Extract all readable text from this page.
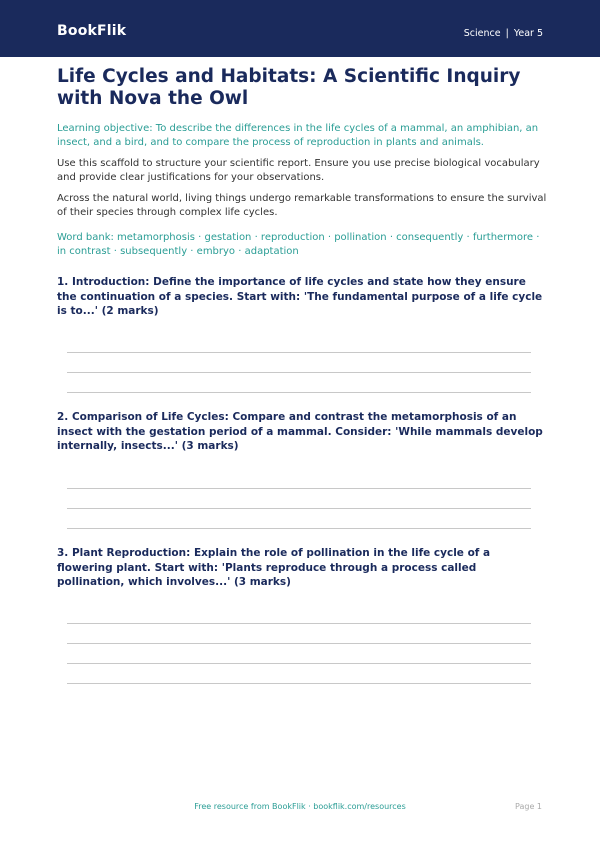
BookFlik	Science | Year 5
Life Cycles and Habitats: A Scientific Inquiry with Nova the Owl

Learning objective: To describe the differences in the life cycles of a mammal, an amphibian, an insect, and a bird, and to compare the process of reproduction in plants and animals.

Use this scaffold to structure your scientific report. Ensure you use precise biological vocabulary and provide clear justifications for your observations.

Across the natural world, living things undergo remarkable transformations to ensure the survival of their species through complex life cycles.

Word bank: metamorphosis · gestation · reproduction · pollination · consequently · furthermore · in contrast · subsequently · embryo · adaptation

1. Introduction: Define the importance of life cycles and state how they ensure the continuation of a species. Start with: 'The fundamental purpose of a life cycle is to...' (2 marks)

2. Comparison of Life Cycles: Compare and contrast the metamorphosis of an insect with the gestation period of a mammal. Consider: 'While mammals develop internally, insects...' (3 marks)

3. Plant Reproduction: Explain the role of pollination in the life cycle of a flowering plant. Start with: 'Plants reproduce through a process called pollination, which involves...' (3 marks)

Free resource from BookFlik · bookflik.com/resources	Page 1
